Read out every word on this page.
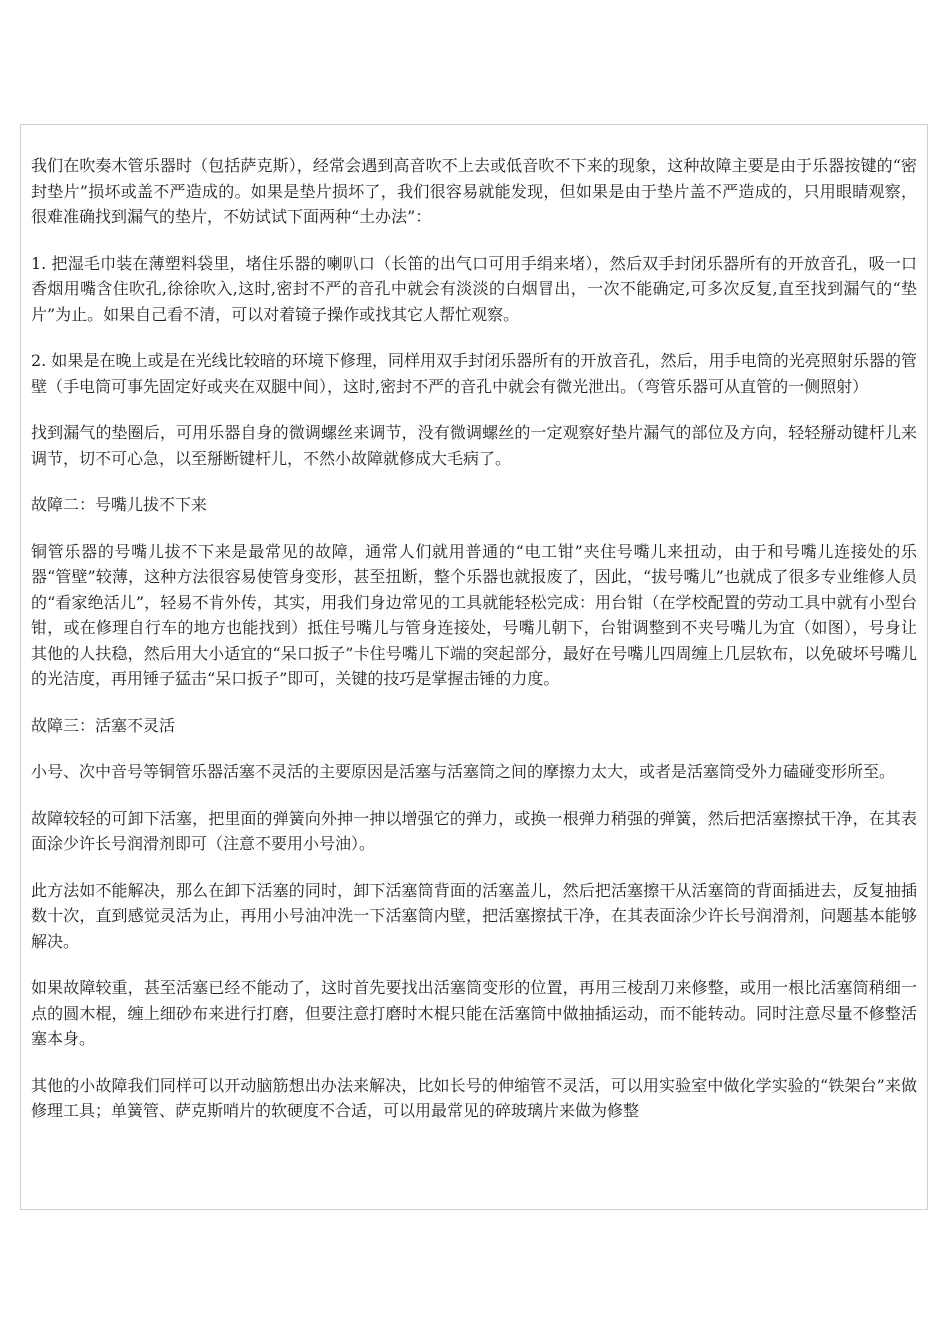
我们在吹奏木管乐器时（包括萨克斯），经常会遇到高音吹不上去或低音吹不下来的现象，这种故障主要是由于乐器按键的“密封垫片”损坏或盖不严造成的。如果是垫片损坏了，我们很容易就能发现，但如果是由于垫片盖不严造成的，只用眼睛观察，很难准确找到漏气的垫片，不妨试试下面两种“土办法”：

1. 把湿毛巾装在薄塑料袋里，堵住乐器的喇叭口（长笛的出气口可用手绢来堵），然后双手封闭乐器所有的开放音孔，吸一口香烟用嘴含住吹孔,徐徐吹入,这时,密封不严的音孔中就会有淡淡的白烟冒出，一次不能确定,可多次反复,直至找到漏气的“垫片”为止。如果自己看不清，可以对着镜子操作或找其它人帮忙观察。

2. 如果是在晚上或是在光线比较暗的环境下修理，同样用双手封闭乐器所有的开放音孔，然后，用手电筒的光亮照射乐器的管壁（手电筒可事先固定好或夹在双腿中间），这时,密封不严的音孔中就会有微光泄出。（弯管乐器可从直管的一侧照射）

找到漏气的垫圈后，可用乐器自身的微调螺丝来调节，没有微调螺丝的一定观察好垫片漏气的部位及方向，轻轻掰动键杆儿来调节，切不可心急，以至掰断键杆儿，不然小故障就修成大毛病了。

故障二：号嘴儿拔不下来

铜管乐器的号嘴儿拔不下来是最常见的故障，通常人们就用普通的“电工钳”夹住号嘴儿来扭动，由于和号嘴儿连接处的乐器“管壁”较薄，这种方法很容易使管身变形，甚至扭断，整个乐器也就报废了，因此，“拔号嘴儿”也就成了很多专业维修人员的“看家绝活儿”，轻易不肯外传，其实，用我们身边常见的工具就能轻松完成：用台钳（在学校配置的劳动工具中就有小型台钳，或在修理自行车的地方也能找到）抵住号嘴儿与管身连接处，号嘴儿朝下，台钳调整到不夹号嘴儿为宜（如图），号身让其他的人扶稳，然后用大小适宜的“呆口扳子”卡住号嘴儿下端的突起部分，最好在号嘴儿四周缠上几层软布，以免破坏号嘴儿的光洁度，再用锤子猛击“呆口扳子”即可，关键的技巧是掌握击锤的力度。

故障三：活塞不灵活

小号、次中音号等铜管乐器活塞不灵活的主要原因是活塞与活塞筒之间的摩擦力太大，或者是活塞筒受外力磕碰变形所至。

故障较轻的可卸下活塞，把里面的弹簧向外抻一抻以增强它的弹力，或换一根弹力稍强的弹簧，然后把活塞擦拭干净，在其表面涂少许长号润滑剂即可（注意不要用小号油）。

此方法如不能解决，那么在卸下活塞的同时，卸下活塞筒背面的活塞盖儿，然后把活塞擦干从活塞筒的背面插进去，反复抽插数十次，直到感觉灵活为止，再用小号油冲洗一下活塞筒内壁，把活塞擦拭干净，在其表面涂少许长号润滑剂，问题基本能够解决。

如果故障较重，甚至活塞已经不能动了，这时首先要找出活塞筒变形的位置，再用三棱刮刀来修整，或用一根比活塞筒稍细一点的圆木棍，缠上细砂布来进行打磨，但要注意打磨时木棍只能在活塞筒中做抽插运动，而不能转动。同时注意尽量不修整活塞本身。

其他的小故障我们同样可以开动脑筋想出办法来解决，比如长号的伸缩管不灵活，可以用实验室中做化学实验的“铁架台”来做修理工具；单簧管、萨克斯哨片的软硬度不合适，可以用最常见的碎玻璃片来做为修整
